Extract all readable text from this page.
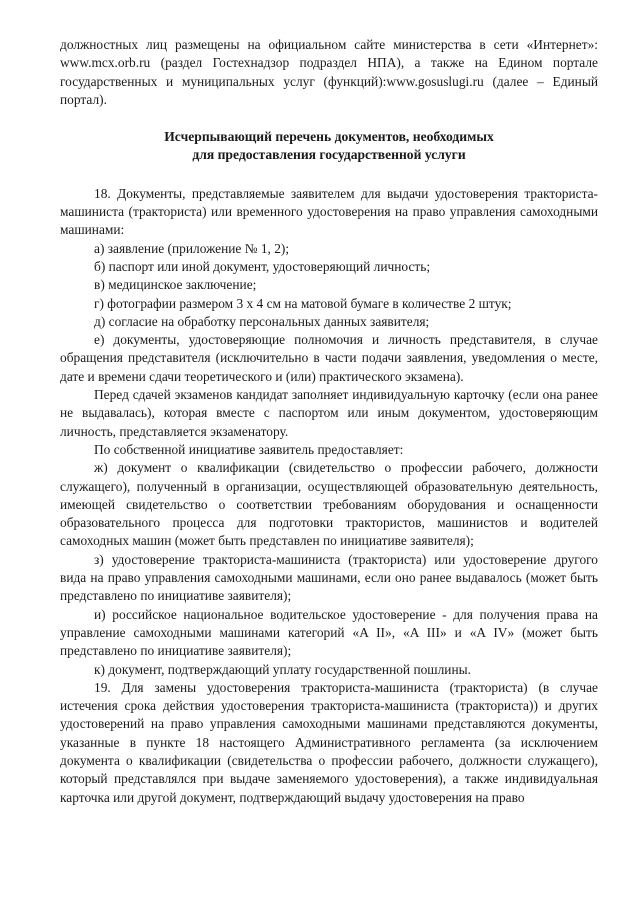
должностных лиц размещены на официальном сайте министерства в сети «Интернет»: www.mcx.orb.ru (раздел Гостехнадзор подраздел НПА), а также на Едином портале государственных и муниципальных услуг (функций):www.gosuslugi.ru (далее – Единый портал).

Исчерпывающий перечень документов, необходимых
для предоставления государственной услуги

18. Документы, представляемые заявителем для выдачи удостоверения тракториста-машиниста (тракториста) или временного удостоверения на право управления самоходными машинами:

а) заявление (приложение № 1, 2);

б) паспорт или иной документ, удостоверяющий личность;

в) медицинское заключение;

г) фотографии размером 3 х 4 см на матовой бумаге в количестве 2 штук;

д) согласие на обработку персональных данных заявителя;

е) документы, удостоверяющие полномочия и личность представителя, в случае обращения представителя (исключительно в части подачи заявления, уведомления о месте, дате и времени сдачи теоретического и (или) практического экзамена).

Перед сдачей экзаменов кандидат заполняет индивидуальную карточку (если она ранее не выдавалась), которая вместе с паспортом или иным документом, удостоверяющим личность, представляется экзаменатору.

По собственной инициативе заявитель предоставляет:

ж) документ о квалификации (свидетельство о профессии рабочего, должности служащего), полученный в организации, осуществляющей образовательную деятельность, имеющей свидетельство о соответствии требованиям оборудования и оснащенности образовательного процесса для подготовки трактористов, машинистов и водителей самоходных машин (может быть представлен по инициативе заявителя);

з) удостоверение тракториста-машиниста (тракториста) или удостоверение другого вида на право управления самоходными машинами, если оно ранее выдавалось (может быть представлено по инициативе заявителя);

и) российское национальное водительское удостоверение - для получения права на управление самоходными машинами категорий «A II», «A III» и «A IV» (может быть представлено по инициативе заявителя);

к) документ, подтверждающий уплату государственной пошлины.

19. Для замены удостоверения тракториста-машиниста (тракториста) (в случае истечения срока действия удостоверения тракториста-машиниста (тракториста)) и других удостоверений на право управления самоходными машинами представляются документы, указанные в пункте 18 настоящего Административного регламента (за исключением документа о квалификации (свидетельства о профессии рабочего, должности служащего), который представлялся при выдаче заменяемого удостоверения), а также индивидуальная карточка или другой документ, подтверждающий выдачу удостоверения на право
